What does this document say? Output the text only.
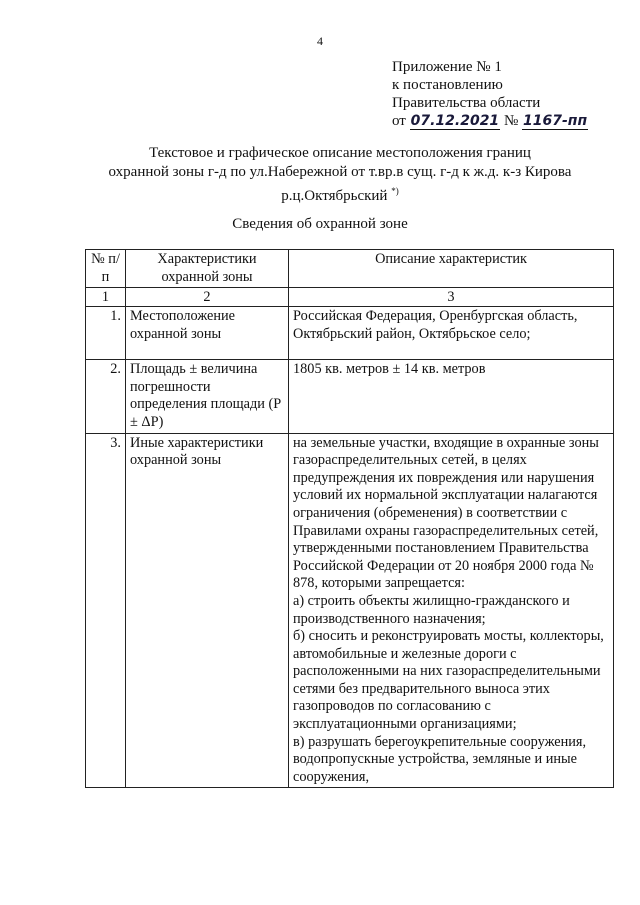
4
Приложение № 1
к постановлению
Правительства области
от 07.12.2021 № 1167-пп
Текстовое и графическое описание местоположения границ
охранной зоны г-д по ул.Набережной от т.вр.в сущ. г-д к ж.д. к-з Кирова
р.ц.Октябрьский *)
Сведения об охранной зоне
№ п/п	Характеристики охранной зоны	Описание характеристик
1	2	3
1.	Местоположение охранной зоны	Российская Федерация, Оренбургская область, Октябрьский район, Октябрьское село;

2.	Площадь ± величина погрешности определения площади (P ± ΔP)	1805 кв. метров ± 14 кв. метров

3.	Иные характеристики охранной зоны	на земельные участки, входящие в охранные зоны газораспределительных сетей, в целях предупреждения их повреждения или нарушения условий их нормальной эксплуатации налагаются ограничения (обременения) в соответствии с Правилами охраны газораспределительных сетей, утвержденными постановлением Правительства Российской Федерации от 20 ноября 2000 года № 878, которыми запрещается:
а) строить объекты жилищно-гражданского и производственного назначения;
б) сносить и реконструировать мосты, коллекторы, автомобильные и железные дороги с расположенными на них газораспределительными сетями без предварительного выноса этих газопроводов по согласованию с эксплуатационными организациями;
в) разрушать берегоукрепительные сооружения, водопропускные устройства, земляные и иные сооружения,
